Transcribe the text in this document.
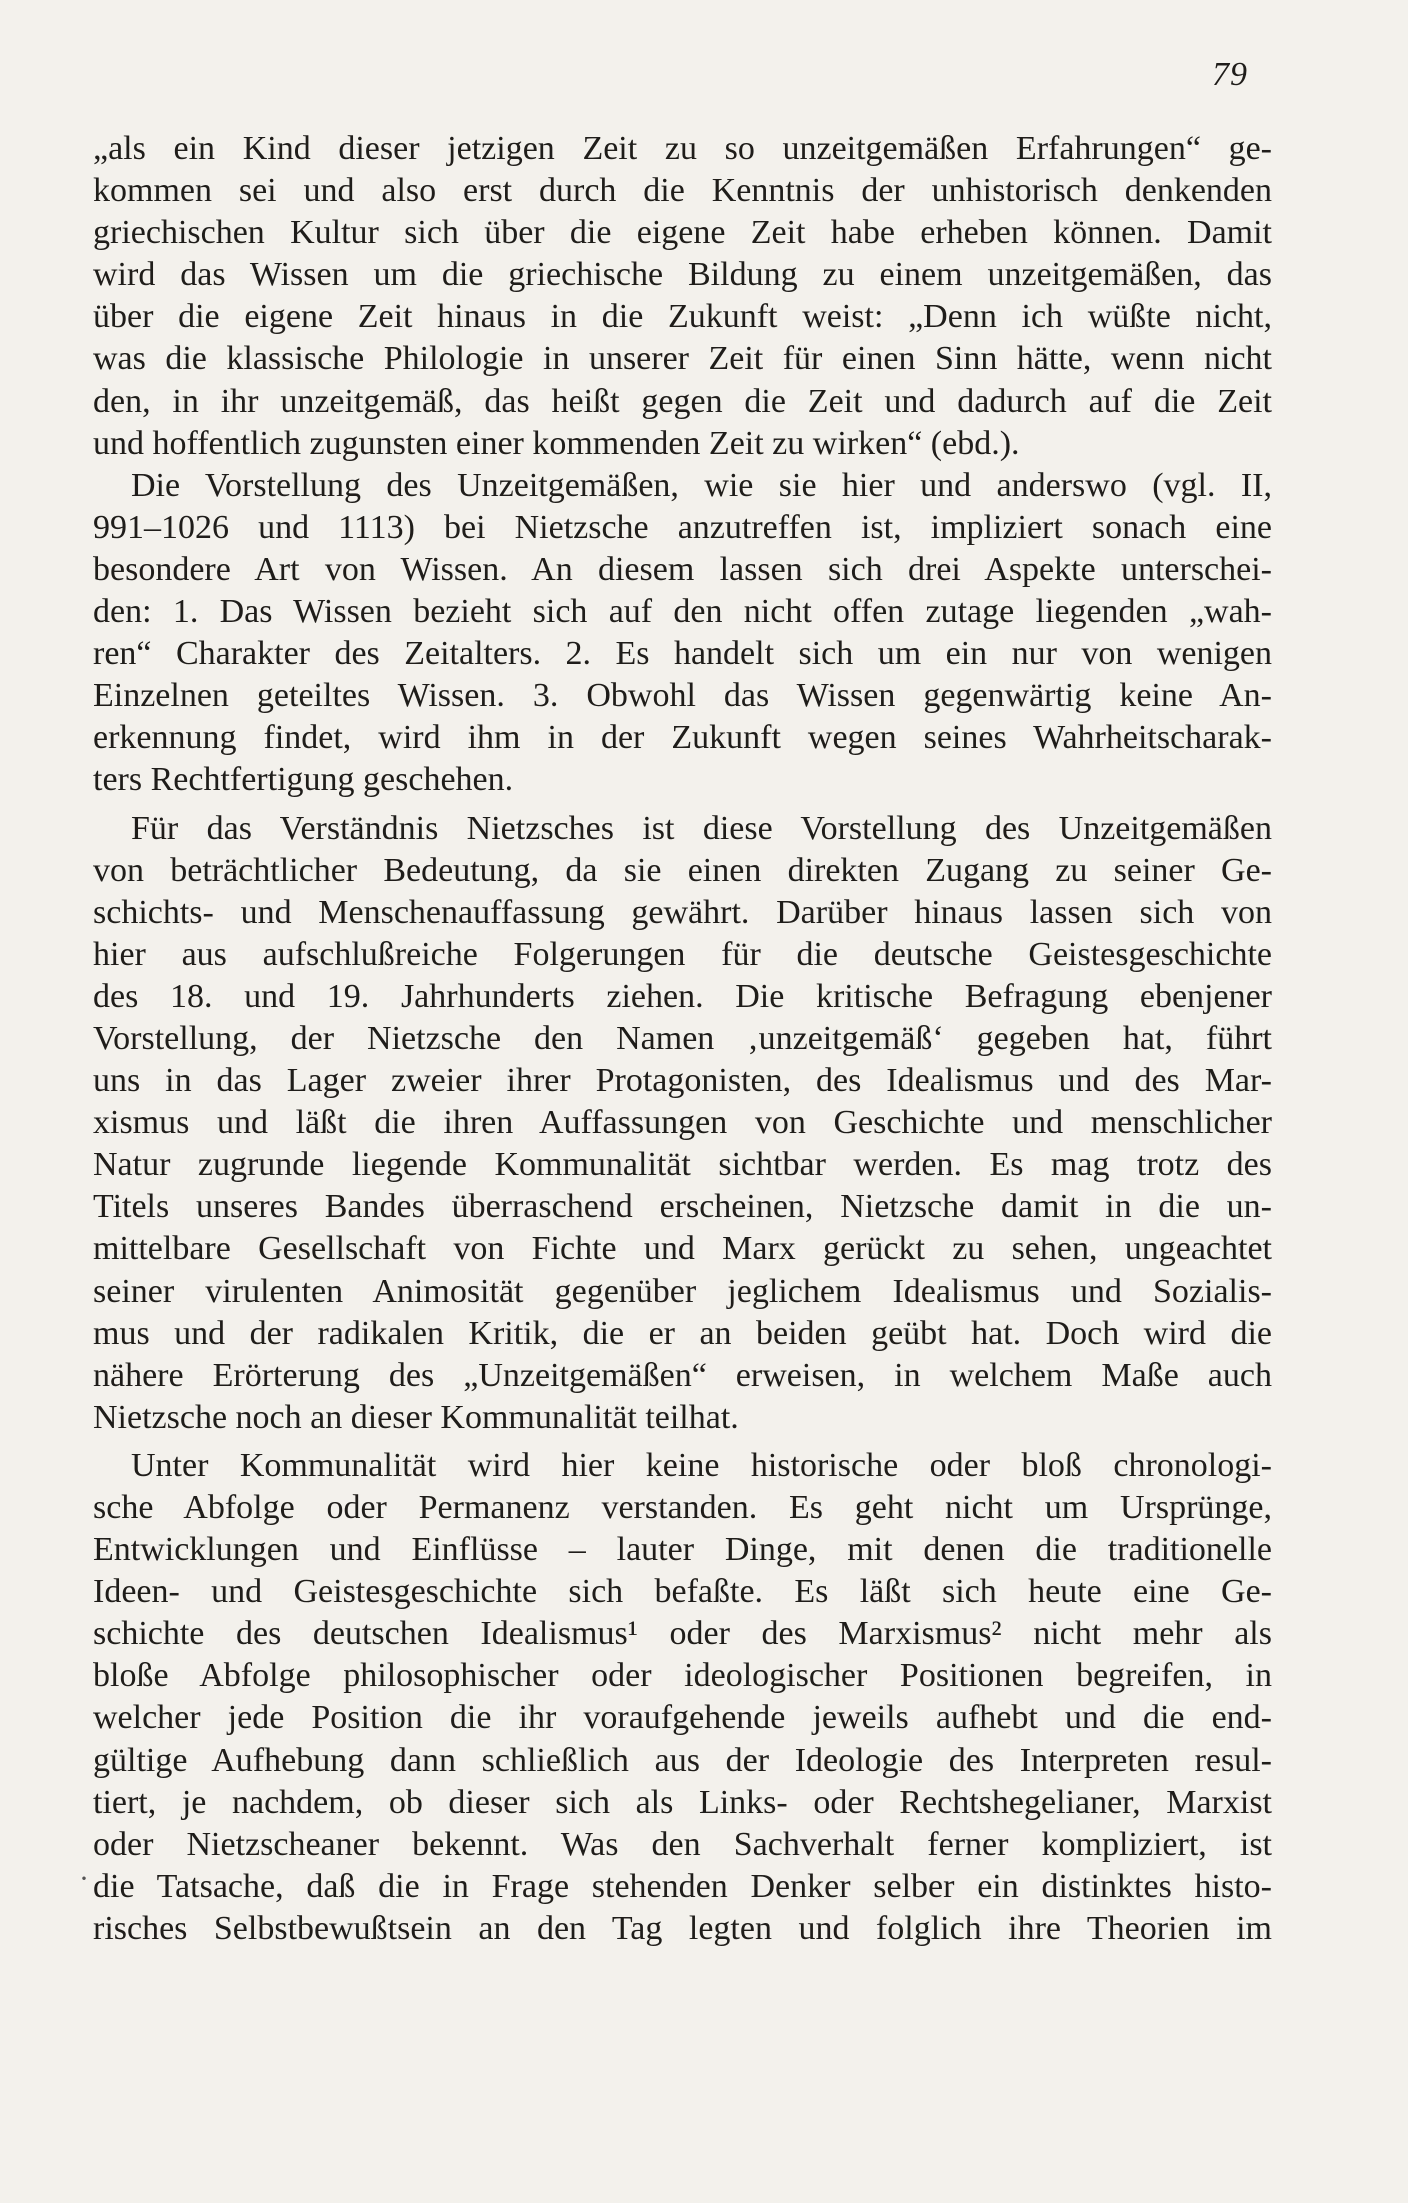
79

„als ein Kind dieser jetzigen Zeit zu so unzeitgemäßen Erfahrungen“ ge-
kommen sei und also erst durch die Kenntnis der unhistorisch denkenden
griechischen Kultur sich über die eigene Zeit habe erheben können. Damit
wird das Wissen um die griechische Bildung zu einem unzeitgemäßen, das
über die eigene Zeit hinaus in die Zukunft weist: „Denn ich wüßte nicht,
was die klassische Philologie in unserer Zeit für einen Sinn hätte, wenn nicht
den, in ihr unzeitgemäß, das heißt gegen die Zeit und dadurch auf die Zeit
und hoffentlich zugunsten einer kommenden Zeit zu wirken“ (ebd.).

Die Vorstellung des Unzeitgemäßen, wie sie hier und anderswo (vgl. II,
991–1026 und 1113) bei Nietzsche anzutreffen ist, impliziert sonach eine
besondere Art von Wissen. An diesem lassen sich drei Aspekte unterschei-
den: 1. Das Wissen bezieht sich auf den nicht offen zutage liegenden „wah-
ren“ Charakter des Zeitalters. 2. Es handelt sich um ein nur von wenigen
Einzelnen geteiltes Wissen. 3. Obwohl das Wissen gegenwärtig keine An-
erkennung findet, wird ihm in der Zukunft wegen seines Wahrheitscharak-
ters Rechtfertigung geschehen.

Für das Verständnis Nietzsches ist diese Vorstellung des Unzeitgemäßen
von beträchtlicher Bedeutung, da sie einen direkten Zugang zu seiner Ge-
schichts- und Menschenauffassung gewährt. Darüber hinaus lassen sich von
hier aus aufschlußreiche Folgerungen für die deutsche Geistesgeschichte
des 18. und 19. Jahrhunderts ziehen. Die kritische Befragung ebenjener
Vorstellung, der Nietzsche den Namen ‚unzeitgemäß‘ gegeben hat, führt
uns in das Lager zweier ihrer Protagonisten, des Idealismus und des Mar-
xismus und läßt die ihren Auffassungen von Geschichte und menschlicher
Natur zugrunde liegende Kommunalität sichtbar werden. Es mag trotz des
Titels unseres Bandes überraschend erscheinen, Nietzsche damit in die un-
mittelbare Gesellschaft von Fichte und Marx gerückt zu sehen, ungeachtet
seiner virulenten Animosität gegenüber jeglichem Idealismus und Sozialis-
mus und der radikalen Kritik, die er an beiden geübt hat. Doch wird die
nähere Erörterung des „Unzeitgemäßen“ erweisen, in welchem Maße auch
Nietzsche noch an dieser Kommunalität teilhat.

Unter Kommunalität wird hier keine historische oder bloß chronologi-
sche Abfolge oder Permanenz verstanden. Es geht nicht um Ursprünge,
Entwicklungen und Einflüsse – lauter Dinge, mit denen die traditionelle
Ideen- und Geistesgeschichte sich befaßte. Es läßt sich heute eine Ge-
schichte des deutschen Idealismus¹ oder des Marxismus² nicht mehr als
bloße Abfolge philosophischer oder ideologischer Positionen begreifen, in
welcher jede Position die ihr voraufgehende jeweils aufhebt und die end-
gültige Aufhebung dann schließlich aus der Ideologie des Interpreten resul-
tiert, je nachdem, ob dieser sich als Links- oder Rechtshegelianer, Marxist
oder Nietzscheaner bekennt. Was den Sachverhalt ferner kompliziert, ist
die Tatsache, daß die in Frage stehenden Denker selber ein distinktes histo-
risches Selbstbewußtsein an den Tag legten und folglich ihre Theorien im

·
